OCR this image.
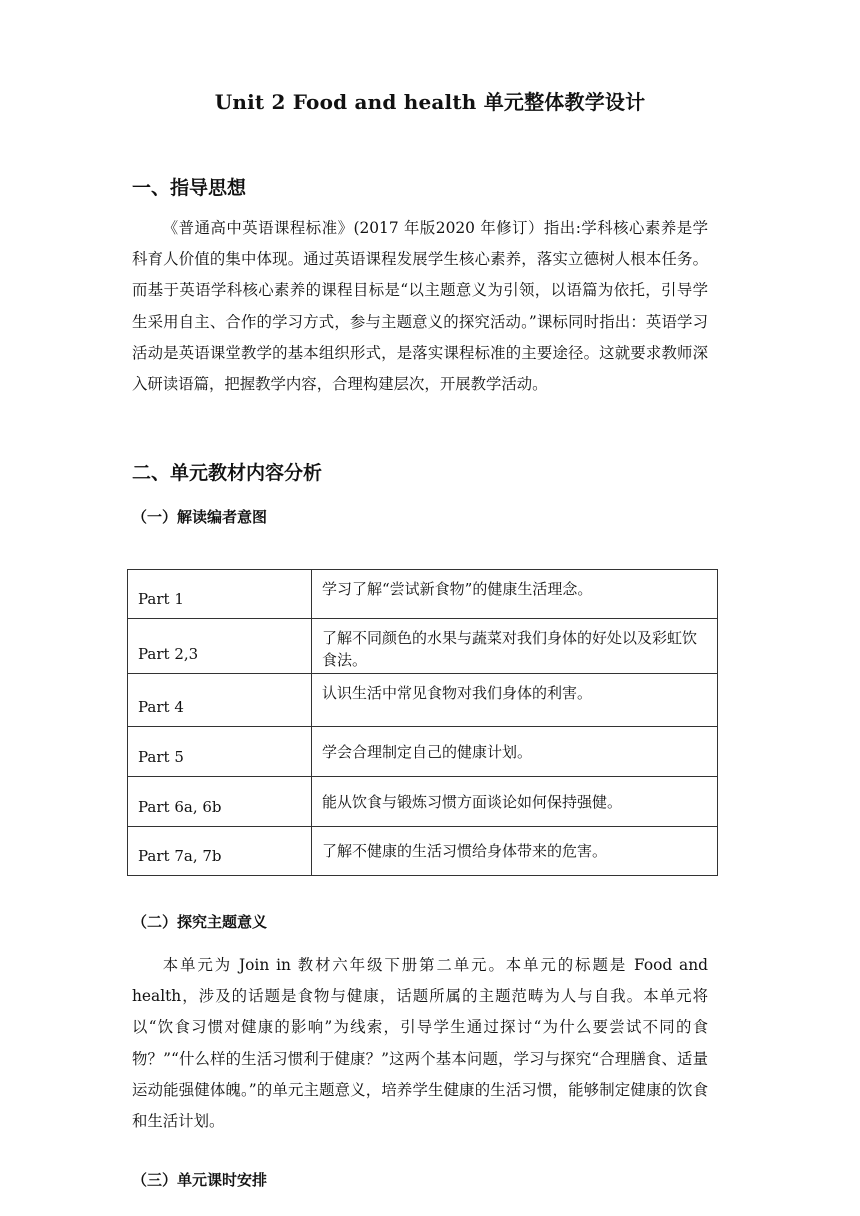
Unit 2 Food and health 单元整体教学设计
一、指导思想

《普通高中英语课程标准》(2017 年版2020 年修订）指出:学科核心素养是学科育人价值的集中体现。通过英语课程发展学生核心素养，落实立德树人根本任务。而基于英语学科核心素养的课程目标是“以主题意义为引领，以语篇为依托，引导学生采用自主、合作的学习方式，参与主题意义的探究活动。”课标同时指出：英语学习活动是英语课堂教学的基本组织形式，是落实课程标准的主要途径。这就要求教师深入研读语篇，把握教学内容，合理构建层次，开展教学活动。

二、单元教材内容分析
（一）解读编者意图
Part 1	学习了解“尝试新食物”的健康生活理念。
Part 2,3	了解不同颜色的水果与蔬菜对我们身体的好处以及彩虹饮食法。
Part 4	认识生活中常见食物对我们身体的利害。
Part 5	学会合理制定自己的健康计划。
Part 6a, 6b	能从饮食与锻炼习惯方面谈论如何保持强健。
Part 7a, 7b	了解不健康的生活习惯给身体带来的危害。
（二）探究主题意义

本单元为 Join in 教材六年级下册第二单元。本单元的标题是 Food and health，涉及的话题是食物与健康，话题所属的主题范畴为人与自我。本单元将以“饮食习惯对健康的影响”为线索，引导学生通过探讨“为什么要尝试不同的食物？”“什么样的生活习惯利于健康？”这两个基本问题，学习与探究“合理膳食、适量运动能强健体魄。”的单元主题意义，培养学生健康的生活习惯，能够制定健康的饮食和生活计划。

（三）单元课时安排
